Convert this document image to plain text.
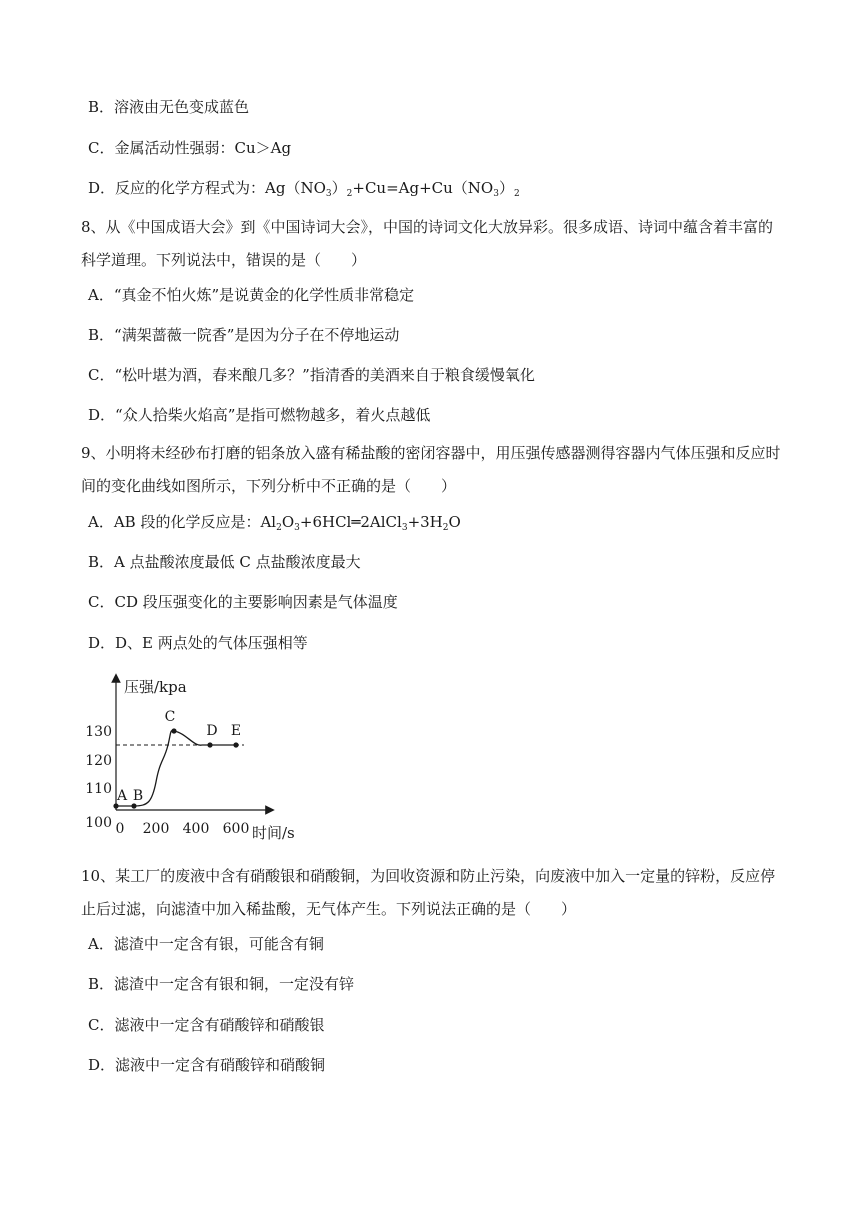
B．溶液由无色变成蓝色
C．金属活动性强弱：Cu＞Ag
D．反应的化学方程式为：$Ag(NO_3)_2+Cu=Ag+Cu(NO_3)_2$
8、从《中国成语大会》到《中国诗词大会》，中国的诗词文化大放异彩。很多成语、诗词中蕴含着丰富的科学道理。下列说法中，错误的是（　　）
A．“真金不怕火炼”是说黄金的化学性质非常稳定
B．“满架蔷薇一院香”是因为分子在不停地运动
C．“松叶堪为酒，春来酿几多？”指清香的美酒来自于粮食缓慢氧化
D．“众人拾柴火焰高”是指可燃物越多，着火点越低
9、小明将未经砂布打磨的铝条放入盛有稀盐酸的密闭容器中，用压强传感器测得容器内气体压强和反应时间的变化曲线如图所示，下列分析中不正确的是（　　）
A．AB 段的化学反应是：$Al_2O_3+6HCl═2AlCl_3+3H_2O$
B．A 点盐酸浓度最低 C 点盐酸浓度最大
C．CD 段压强变化的主要影响因素是气体温度
D．D、E 两点处的气体压强相等
压强/kpa
时间/s
130
120
110
100 0 200 400 600
A B
C
D E
10、某工厂的废液中含有硝酸银和硝酸铜，为回收资源和防止污染，向废液中加入一定量的锌粉，反应停止后过滤，向滤渣中加入稀盐酸，无气体产生。下列说法正确的是（　　）
A．滤渣中一定含有银，可能含有铜
B．滤渣中一定含有银和铜，一定没有锌
C．滤液中一定含有硝酸锌和硝酸银
D．滤液中一定含有硝酸锌和硝酸铜
